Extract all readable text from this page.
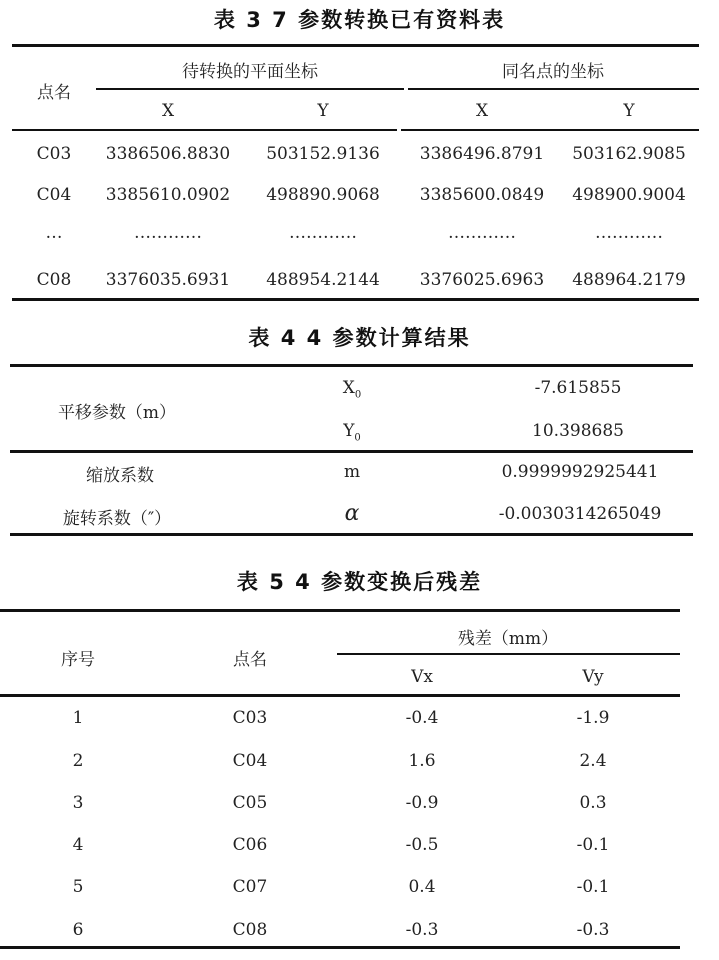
表 3 7 参数转换已有资料表
点名
待转换的平面坐标	同名点的坐标
X	Y	X	Y
C03 3386506.8830 503152.9136 3386496.8791 503162.9085
C04 3385610.0902 498890.9068 3385600.0849 498900.9004
…	…………	…………	…………	…………
C08 3376035.6931 488954.2144 3376025.6963 488964.2179
表 4 4 参数计算结果
平移参数（m）
$X_0$	-7.615855
$Y_0$	10.398685
缩放系数	m	0.9999992925441
旋转系数（″）	α	-0.0030314265049
表 5 4 参数变换后残差
序号	点名
残差（mm）
Vx	Vy
1	C03	-0.4	-1.9
2	C04	1.6	2.4
3	C05	-0.9	0.3
4	C06	-0.5	-0.1
5	C07	0.4	-0.1
6	C08	-0.3	-0.3
